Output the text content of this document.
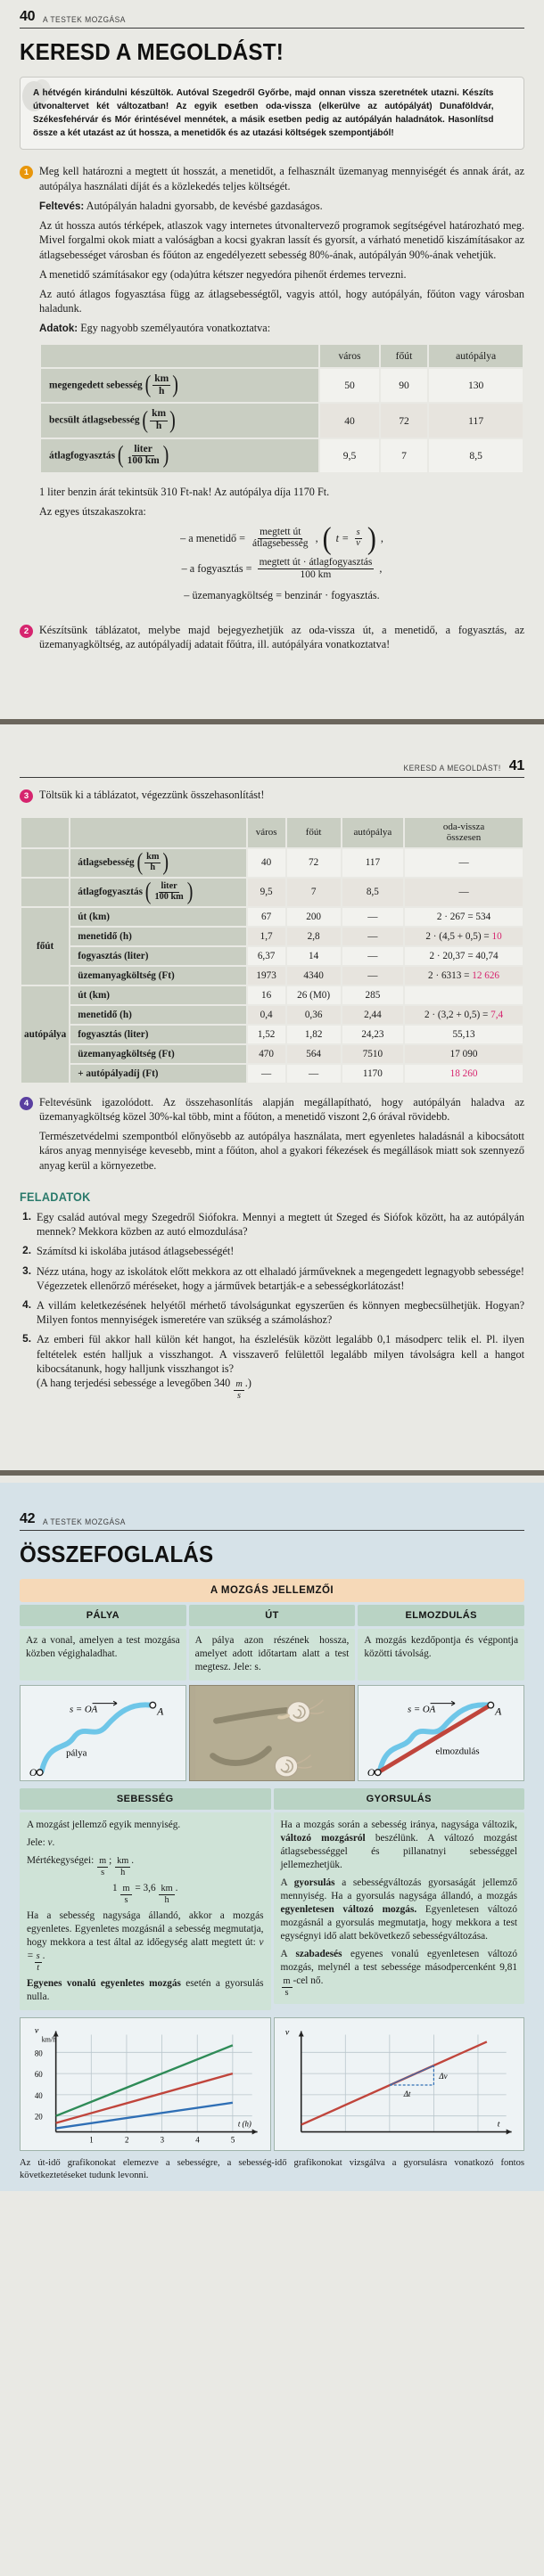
40 A TESTEK MOZGÁSA
KERESD A MEGOLDÁST!

A hétvégén kirándulni készültök. Autóval Szegedről Győrbe, majd onnan vissza szeretnétek utazni. Készíts útvonaltervet két változatban! Az egyik esetben oda-vissza (elkerülve az autópályát) Dunaföldvár, Székesfehérvár és Mór érintésével mennétek, a másik esetben pedig az autópályán haladnátok. Hasonlítsd össze a két utazást az út hossza, a menetidők és az utazási költségek szempontjából!

1 Meg kell határozni a megtett út hosszát, a menetidőt, a felhasznált üzemanyag mennyiségét és annak árát, az autópálya használati díját és a közlekedés teljes költségét.

Feltevés: Autópályán haladni gyorsabb, de kevésbé gazdaságos.

Az út hossza autós térképek, atlaszok vagy internetes útvonaltervező programok segítségével határozható meg. Mivel forgalmi okok miatt a valóságban a kocsi gyakran lassít és gyorsít, a várható menetidő kiszámításakor az átlagsebességet városban és főúton az engedélyezett sebesség 80%-ának, autópályán 90%-ának vehetjük.

A menetidő számításakor egy (oda)útra kétszer negyedóra pihenőt érdemes tervezni.

Az autó átlagos fogyasztása függ az átlagsebességtől, vagyis attól, hogy autópályán, főúton vagy városban haladunk.

Adatok: Egy nagyobb személyautóra vonatkoztatva:

	város	főút	autópálya
megengedett sebesség ( $\frac{km}{h}$ )	50	90	130
becsült átlagsebesség ( $\frac{km}{h}$ )	40	72	117
átlagfogyasztás ( $\frac{\text{liter}}{100 km}$ )	9,5	7	8,5

1 liter benzin árát tekintsük 310 Ft-nak! Az autópálya díja 1170 Ft.

Az egyes útszakaszokra:

– a menetidő = $\frac{\text{megtett út}}{\text{átlagsebesség}}$ , ( $t = \frac{s}{v}$ ) ,
– a fogyasztás = $\frac{\text{megtett út · átlagfogyasztás}}{100 km}$ ,
– üzemanyagköltség = benzinár · fogyasztás.
2 Készítsünk táblázatot, melybe majd bejegyezhetjük az oda-vissza út, a menetidő, a fogyasztás, az üzemanyagköltség, az autópályadíj adatait főútra, ill. autópályára vonatkoztatva!

KERESD A MEGOLDÁST! 41
3 Töltsük ki a táblázatot, végezzünk összehasonlítást!

		város	főút	autópálya	oda-vissza
összesen
	átlagsebesség ( $\frac{km}{h}$ )	40	72	117	—
	átlagfogyasztás ( $\frac{\text{liter}}{100 km}$ )	9,5	7	8,5	—
főút	út (km)	67	200	—	2 · 267 = 534
	menetidő (h)	1,7	2,8	—	2 · (4,5 + 0,5) = 10
	fogyasztás (liter)	6,37	14	—	2 · 20,37 = 40,74
	üzemanyagköltség (Ft)	1973	4340	—	2 · 6313 = 12 626
autópálya	út (km)	16	26 (M0)	285	
	menetidő (h)	0,4	0,36	2,44	2 · (3,2 + 0,5) = 7,4
	fogyasztás (liter)	1,52	1,82	24,23	55,13
	üzemanyagköltség (Ft)	470	564	7510	17 090
	+ autópályadíj (Ft)	—	—	1170	18 260
4 Feltevésünk igazolódott. Az összehasonlítás alapján megállapítható, hogy autópályán haladva az üzemanyagköltség közel 30%-kal több, mint a főúton, a menetidő viszont 2,6 órával rövidebb.

Természetvédelmi szempontból előnyösebb az autópálya használata, mert egyenletes haladásnál a kibocsátott káros anyag mennyisége kevesebb, mint a főúton, ahol a gyakori fékezések és megállások miatt sok szennyező anyag kerül a környezetbe.

FELADATOK
1. Egy család autóval megy Szegedről Siófokra. Mennyi a megtett út Szeged és Siófok között, ha az autópályán mennek? Mekkora közben az autó elmozdulása?
2. Számítsd ki iskolába jutásod átlagsebességét!
3. Nézz utána, hogy az iskolátok előtt mekkora az ott elhaladó járműveknek a megengedett legnagyobb sebessége! Végezzetek ellenőrző méréseket, hogy a járművek betartják-e a sebességkorlátozást!
4. A villám keletkezésének helyétől mérhető távolságunkat egyszerűen és könnyen megbecsülhetjük. Hogyan? Milyen fontos mennyiségek ismeretére van szükség a számoláshoz?
5. Az emberi fül akkor hall külön két hangot, ha észlelésük között legalább 0,1 másodperc telik el. Pl. ilyen feltételek estén halljuk a visszhangot. A visszaverő felülettől legalább milyen távolságra kell a hangot kibocsátanunk, hogy halljunk visszhangot is?
(A hang terjedési sebessége a levegőben $340 \frac{m}{s}$ .)
42 A TESTEK MOZGÁSA
ÖSSZEFOGLALÁS
A MOZGÁS JELLEMZŐI
PÁLYA
Az a vonal, amelyen a test mozgása közben végighaladhat.
O
A
s = OA
pálya
ÚT
A pálya azon részének hossza, amelyet adott időtartam alatt a test megtesz. Jele: s.
ELMOZDULÁS
A mozgás kezdőpontja és végpontja közötti távolság.
O
A
s = OA
elmozdulás
SEBESSÉG

A mozgást jellemző egyik mennyiség.

Jele: v.

Mértékegységei: $\frac{m}{s}$ ; $\frac{km}{h}$ .

$1 \frac{m}{s} = 3,6 \frac{km}{h}$ .

Ha a sebesség nagysága állandó, akkor a mozgás egyenletes. Egyenletes mozgásnál a sebesség megmutatja, hogy mekkora a test által az időegység alatt megtett út: $v = \frac{s}{t}$ .

Egyenes vonalú egyenletes mozgás esetén a gyorsulás nulla.

GYORSULÁS

Ha a mozgás során a sebesség iránya, nagysága változik, változó mozgásról beszélünk. A változó mozgást átlagsebességgel és pillanatnyi sebességgel jellemezhetjük.

A gyorsulás a sebességváltozás gyorsaságát jellemző mennyiség. Ha a gyorsulás nagysága állandó, a mozgás egyenletesen változó mozgás. Egyenletesen változó mozgásnál a gyorsulás megmutatja, hogy mekkora a test egységnyi idő alatt bekövetkező sebességváltozása.

A szabadesés egyenes vonalú egyenletesen változó mozgás, melynél a test sebessége másodpercenként 9,81
$\frac{m}{s} -cel$ nő.

20
40
60
80
1	2	3	4	5
v
km/h
t (h)
Δv
Δt
v
t
Az út-idő grafikonokat elemezve a sebességre, a sebesség-idő grafikonokat vizsgálva a gyorsulásra vonatkozó fontos következtetéseket tudunk levonni.
